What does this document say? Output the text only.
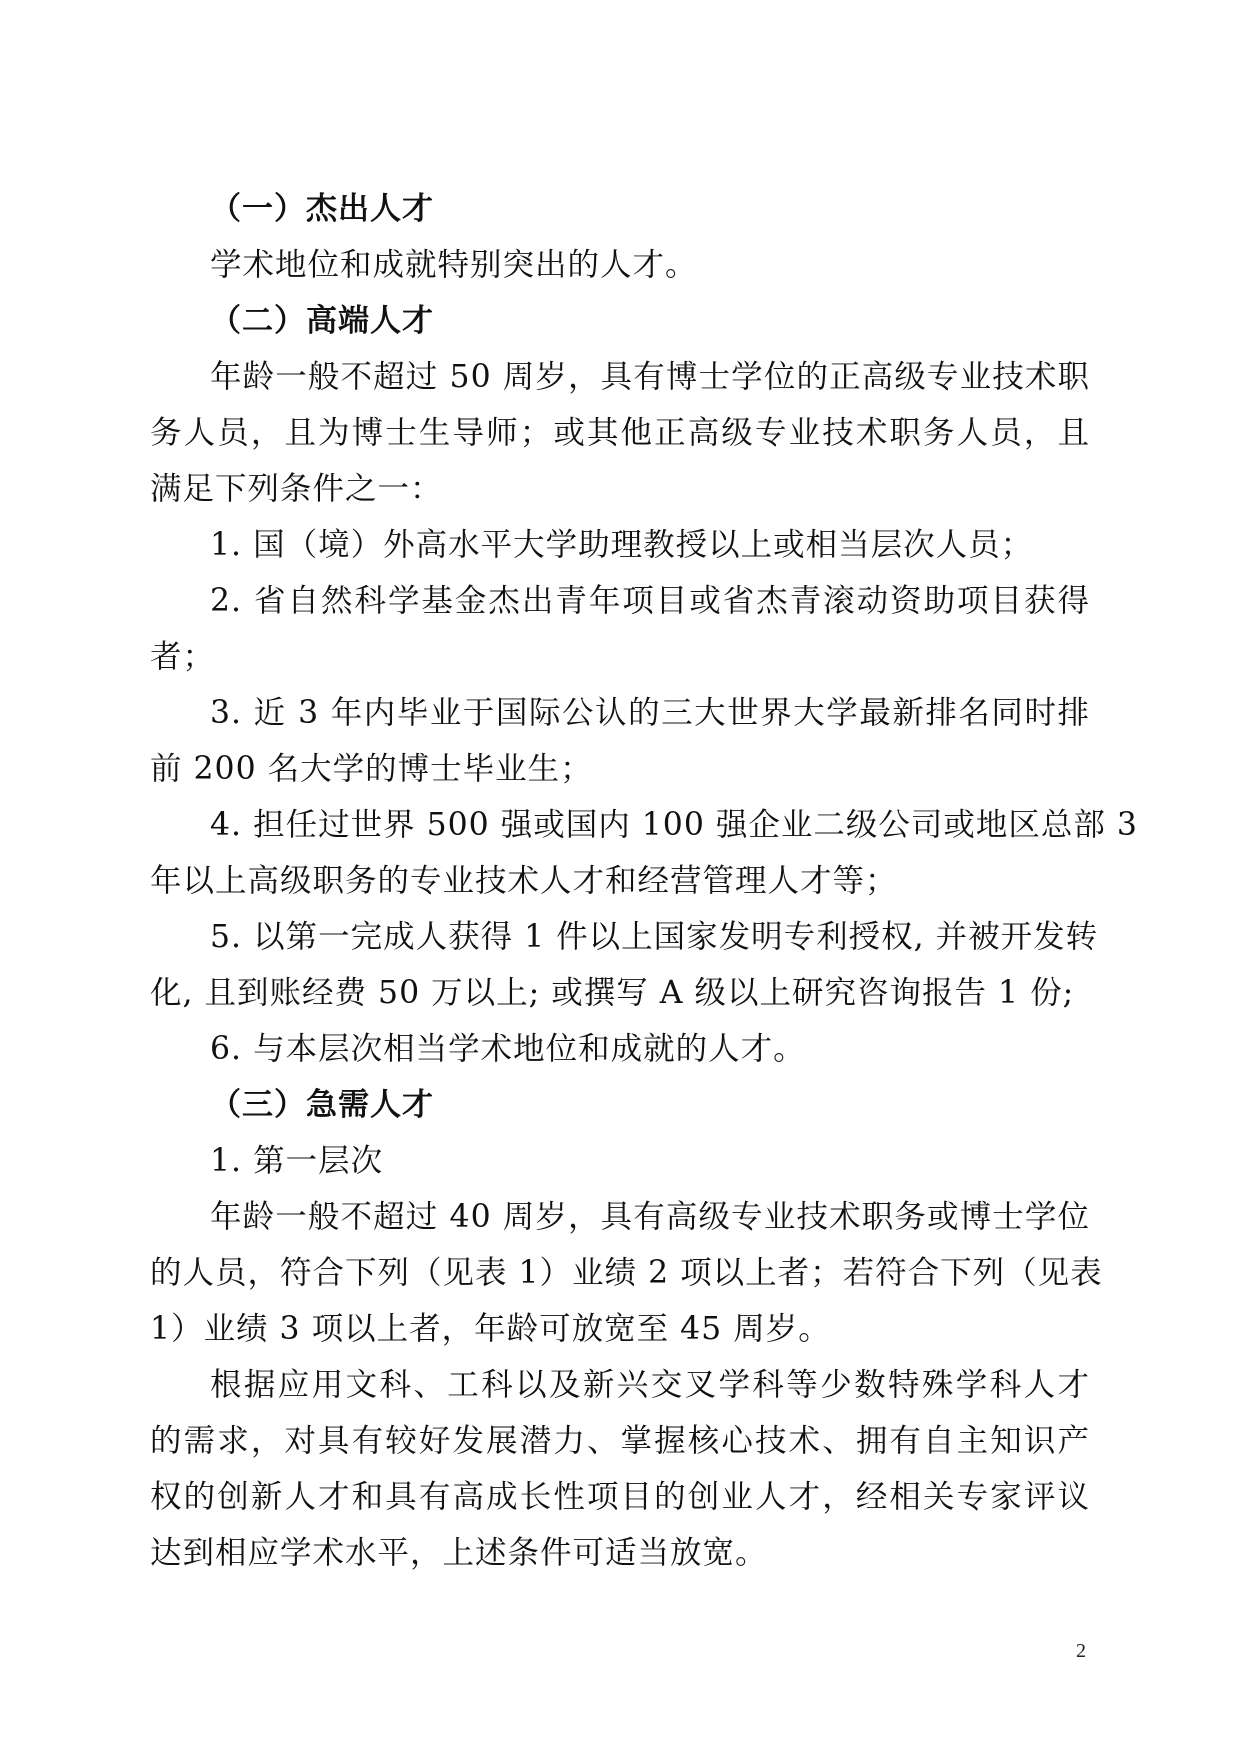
（一）杰出人才
学术地位和成就特别突出的人才。
（二）高端人才
年龄一般不超过 50 周岁，具有博士学位的正高级专业技术职
务人员，且为博士生导师；或其他正高级专业技术职务人员，且
满足下列条件之一：
1. 国（境）外高水平大学助理教授以上或相当层次人员；
2. 省自然科学基金杰出青年项目或省杰青滚动资助项目获得
者；
3. 近 3 年内毕业于国际公认的三大世界大学最新排名同时排
前 200 名大学的博士毕业生；
4. 担任过世界 500 强或国内 100 强企业二级公司或地区总部 3
年以上高级职务的专业技术人才和经营管理人才等；
5. 以第一完成人获得 1 件以上国家发明专利授权, 并被开发转
化, 且到账经费 50 万以上; 或撰写 A 级以上研究咨询报告 1 份;
6. 与本层次相当学术地位和成就的人才。
（三）急需人才
1. 第一层次
年龄一般不超过 40 周岁，具有高级专业技术职务或博士学位
的人员，符合下列（见表 1）业绩 2 项以上者；若符合下列（见表
1）业绩 3 项以上者，年龄可放宽至 45 周岁。
根据应用文科、工科以及新兴交叉学科等少数特殊学科人才
的需求，对具有较好发展潜力、掌握核心技术、拥有自主知识产
权的创新人才和具有高成长性项目的创业人才，经相关专家评议
达到相应学术水平，上述条件可适当放宽。
2
